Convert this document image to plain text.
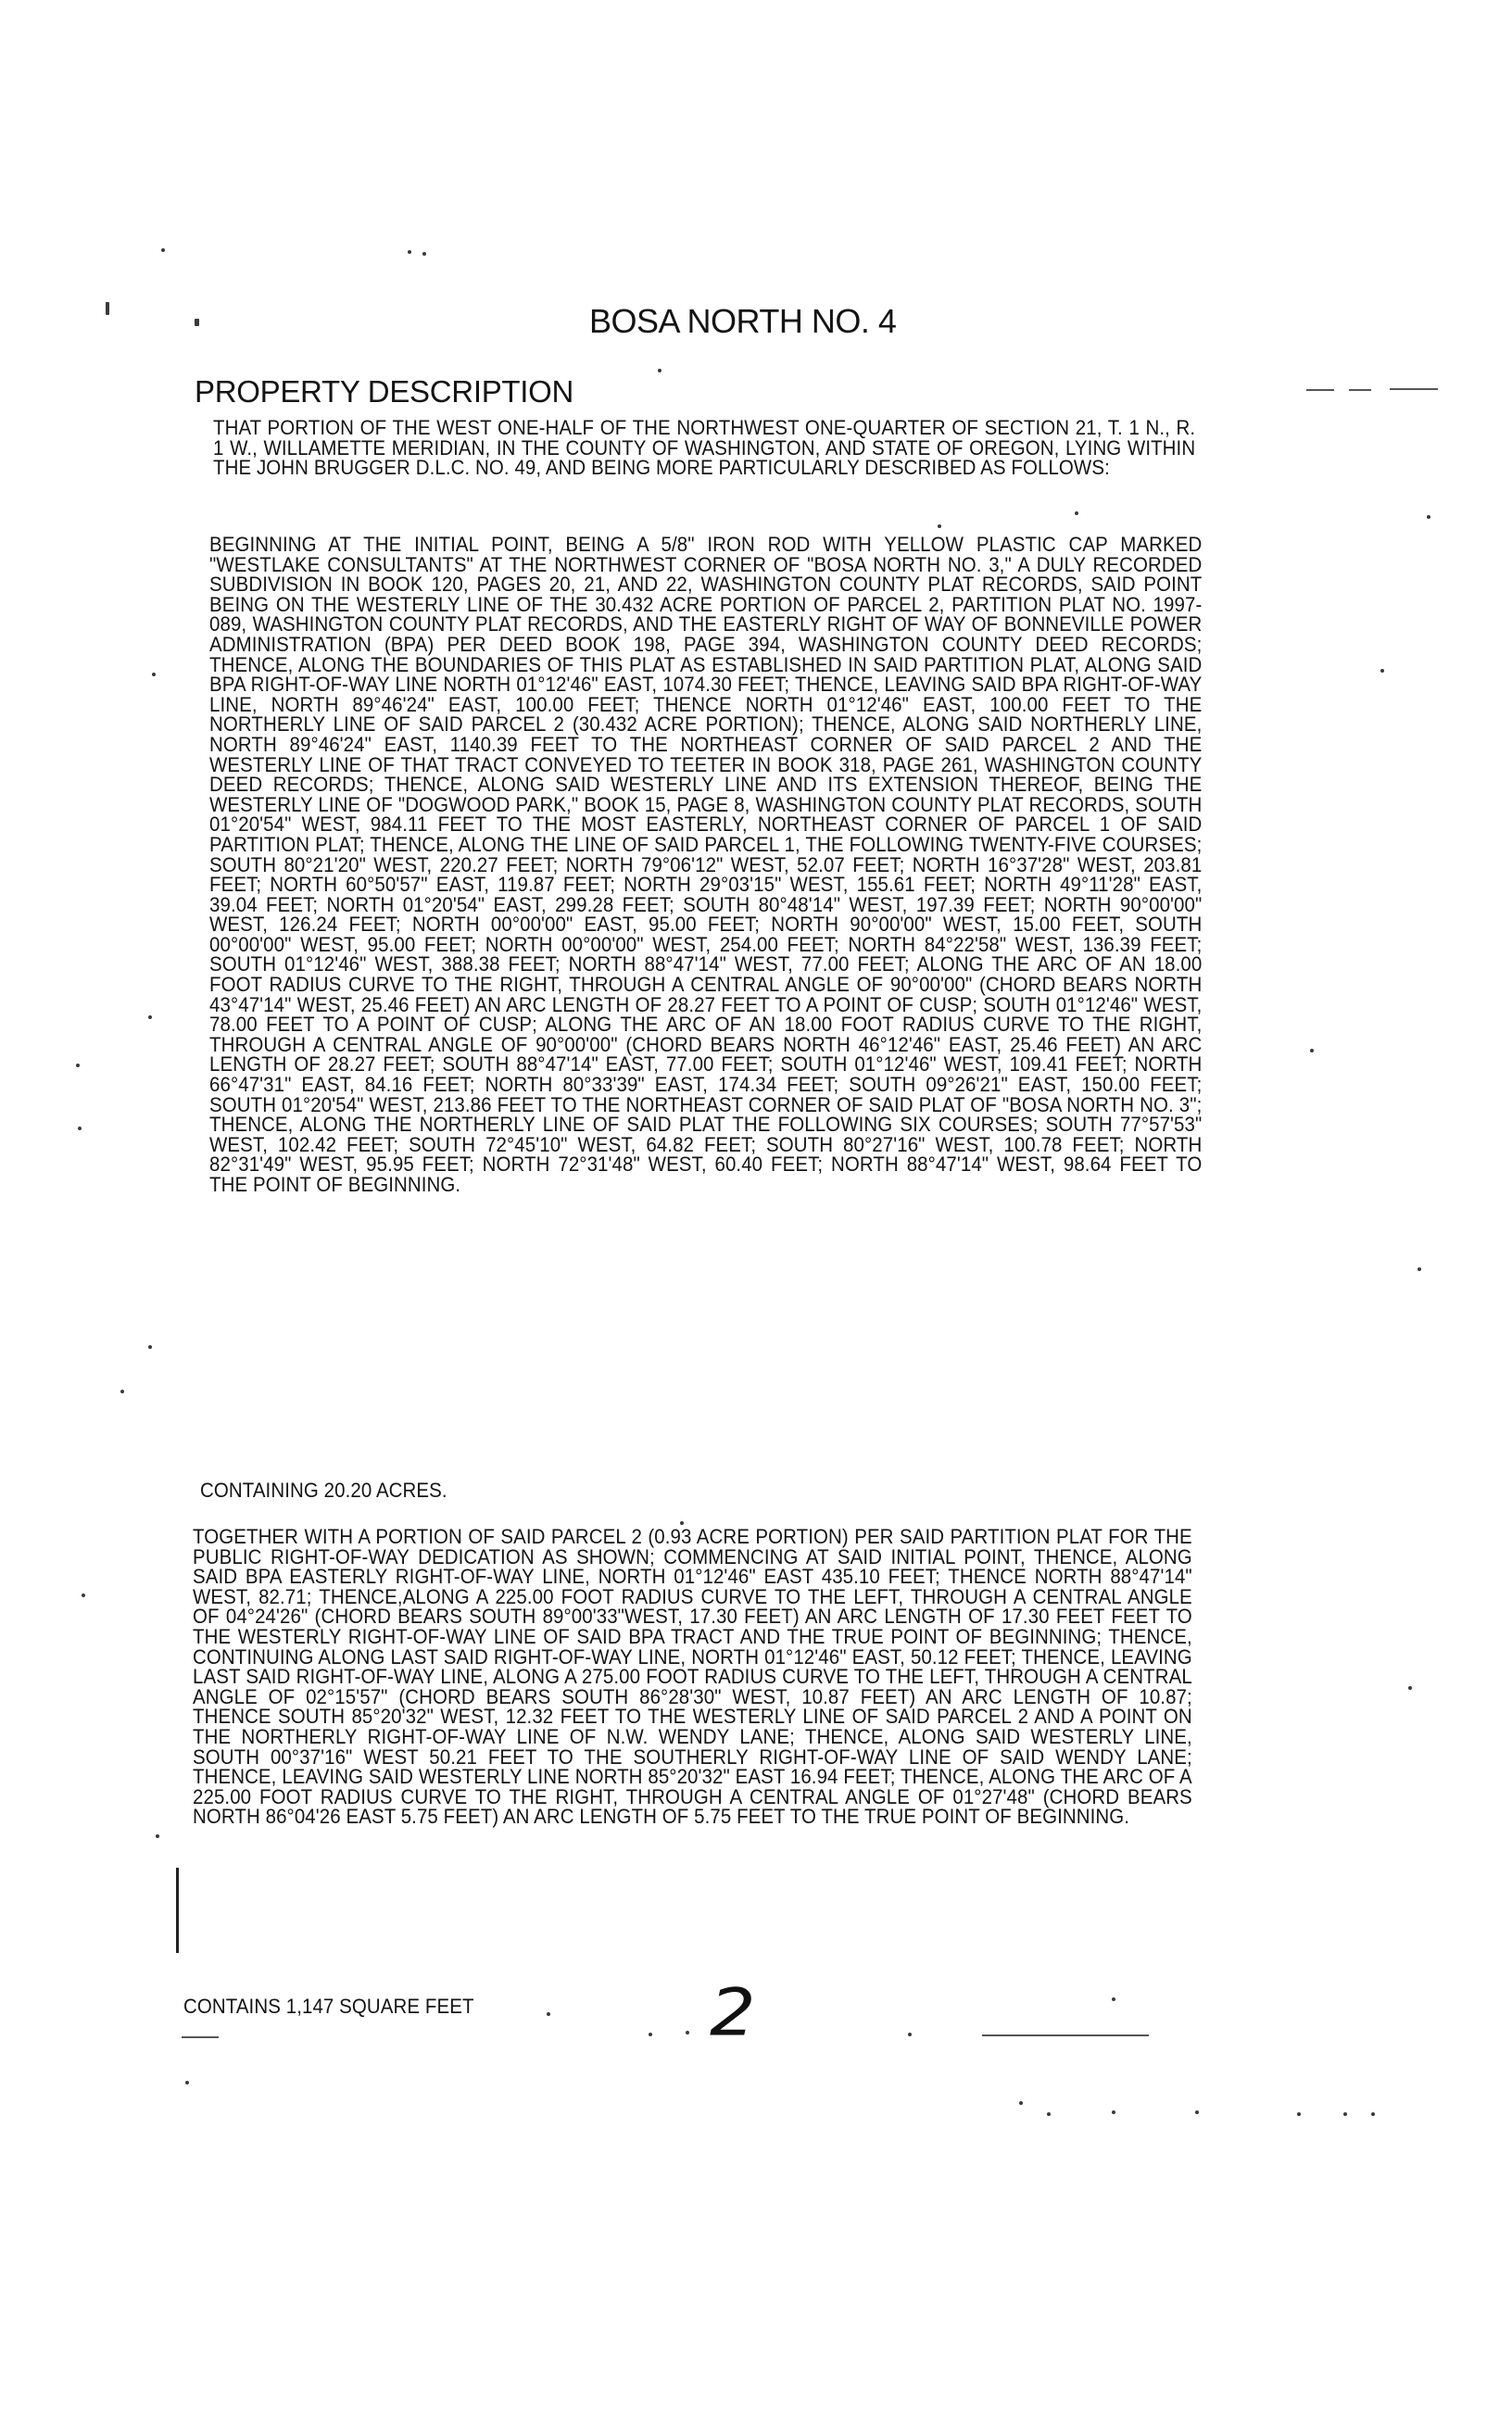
BOSA NORTH NO. 4
PROPERTY DESCRIPTION

THAT PORTION OF THE WEST ONE-HALF OF THE NORTHWEST ONE-QUARTER OF SECTION 21, T. 1 N., R. 1 W., WILLAMETTE MERIDIAN, IN THE COUNTY OF WASHINGTON, AND STATE OF OREGON, LYING WITHIN THE JOHN BRUGGER D.L.C. NO. 49, AND BEING MORE PARTICULARLY DESCRIBED AS FOLLOWS:

BEGINNING AT THE INITIAL POINT, BEING A 5/8" IRON ROD WITH YELLOW PLASTIC CAP MARKED "WESTLAKE CONSULTANTS" AT THE NORTHWEST CORNER OF "BOSA NORTH NO. 3," A DULY RECORDED SUBDIVISION IN BOOK 120, PAGES 20, 21, AND 22, WASHINGTON COUNTY PLAT RECORDS, SAID POINT BEING ON THE WESTERLY LINE OF THE 30.432 ACRE PORTION OF PARCEL 2, PARTITION PLAT NO. 1997-089, WASHINGTON COUNTY PLAT RECORDS, AND THE EASTERLY RIGHT OF WAY OF BONNEVILLE POWER ADMINISTRATION (BPA) PER DEED BOOK 198, PAGE 394, WASHINGTON COUNTY DEED RECORDS; THENCE, ALONG THE BOUNDARIES OF THIS PLAT AS ESTABLISHED IN SAID PARTITION PLAT, ALONG SAID BPA RIGHT-OF-WAY LINE NORTH 01°12'46" EAST, 1074.30 FEET; THENCE, LEAVING SAID BPA RIGHT-OF-WAY LINE, NORTH 89°46'24" EAST, 100.00 FEET; THENCE NORTH 01°12'46" EAST, 100.00 FEET TO THE NORTHERLY LINE OF SAID PARCEL 2 (30.432 ACRE PORTION); THENCE, ALONG SAID NORTHERLY LINE, NORTH 89°46'24" EAST, 1140.39 FEET TO THE NORTHEAST CORNER OF SAID PARCEL 2 AND THE WESTERLY LINE OF THAT TRACT CONVEYED TO TEETER IN BOOK 318, PAGE 261, WASHINGTON COUNTY DEED RECORDS; THENCE, ALONG SAID WESTERLY LINE AND ITS EXTENSION THEREOF, BEING THE WESTERLY LINE OF "DOGWOOD PARK," BOOK 15, PAGE 8, WASHINGTON COUNTY PLAT RECORDS, SOUTH 01°20'54" WEST, 984.11 FEET TO THE MOST EASTERLY, NORTHEAST CORNER OF PARCEL 1 OF SAID PARTITION PLAT; THENCE, ALONG THE LINE OF SAID PARCEL 1, THE FOLLOWING TWENTY-FIVE COURSES; SOUTH 80°21'20" WEST, 220.27 FEET; NORTH 79°06'12" WEST, 52.07 FEET; NORTH 16°37'28" WEST, 203.81 FEET; NORTH 60°50'57" EAST, 119.87 FEET; NORTH 29°03'15" WEST, 155.61 FEET; NORTH 49°11'28" EAST, 39.04 FEET; NORTH 01°20'54" EAST, 299.28 FEET; SOUTH 80°48'14" WEST, 197.39 FEET; NORTH 90°00'00" WEST, 126.24 FEET; NORTH 00°00'00" EAST, 95.00 FEET; NORTH 90°00'00" WEST, 15.00 FEET, SOUTH 00°00'00" WEST, 95.00 FEET; NORTH 00°00'00" WEST, 254.00 FEET; NORTH 84°22'58" WEST, 136.39 FEET; SOUTH 01°12'46" WEST, 388.38 FEET; NORTH 88°47'14" WEST, 77.00 FEET; ALONG THE ARC OF AN 18.00 FOOT RADIUS CURVE TO THE RIGHT, THROUGH A CENTRAL ANGLE OF 90°00'00" (CHORD BEARS NORTH 43°47'14" WEST, 25.46 FEET) AN ARC LENGTH OF 28.27 FEET TO A POINT OF CUSP; SOUTH 01°12'46" WEST, 78.00 FEET TO A POINT OF CUSP; ALONG THE ARC OF AN 18.00 FOOT RADIUS CURVE TO THE RIGHT, THROUGH A CENTRAL ANGLE OF 90°00'00" (CHORD BEARS NORTH 46°12'46" EAST, 25.46 FEET) AN ARC LENGTH OF 28.27 FEET; SOUTH 88°47'14" EAST, 77.00 FEET; SOUTH 01°12'46" WEST, 109.41 FEET; NORTH 66°47'31" EAST, 84.16 FEET; NORTH 80°33'39" EAST, 174.34 FEET; SOUTH 09°26'21" EAST, 150.00 FEET; SOUTH 01°20'54" WEST, 213.86 FEET TO THE NORTHEAST CORNER OF SAID PLAT OF "BOSA NORTH NO. 3"; THENCE, ALONG THE NORTHERLY LINE OF SAID PLAT THE FOLLOWING SIX COURSES; SOUTH 77°57'53" WEST, 102.42 FEET; SOUTH 72°45'10" WEST, 64.82 FEET; SOUTH 80°27'16" WEST, 100.78 FEET; NORTH 82°31'49" WEST, 95.95 FEET; NORTH 72°31'48" WEST, 60.40 FEET; NORTH 88°47'14" WEST, 98.64 FEET TO THE POINT OF BEGINNING.

CONTAINING 20.20 ACRES.

TOGETHER WITH A PORTION OF SAID PARCEL 2 (0.93 ACRE PORTION) PER SAID PARTITION PLAT FOR THE PUBLIC RIGHT-OF-WAY DEDICATION AS SHOWN; COMMENCING AT SAID INITIAL POINT, THENCE, ALONG SAID BPA EASTERLY RIGHT-OF-WAY LINE, NORTH 01°12'46" EAST 435.10 FEET; THENCE NORTH 88°47'14" WEST, 82.71; THENCE,ALONG A 225.00 FOOT RADIUS CURVE TO THE LEFT, THROUGH A CENTRAL ANGLE OF 04°24'26" (CHORD BEARS SOUTH 89°00'33"WEST, 17.30 FEET) AN ARC LENGTH OF 17.30 FEET FEET TO THE WESTERLY RIGHT-OF-WAY LINE OF SAID BPA TRACT AND THE TRUE POINT OF BEGINNING; THENCE, CONTINUING ALONG LAST SAID RIGHT-OF-WAY LINE, NORTH 01°12'46" EAST, 50.12 FEET; THENCE, LEAVING LAST SAID RIGHT-OF-WAY LINE, ALONG A 275.00 FOOT RADIUS CURVE TO THE LEFT, THROUGH A CENTRAL ANGLE OF 02°15'57" (CHORD BEARS SOUTH 86°28'30" WEST, 10.87 FEET) AN ARC LENGTH OF 10.87; THENCE SOUTH 85°20'32" WEST, 12.32 FEET TO THE WESTERLY LINE OF SAID PARCEL 2 AND A POINT ON THE NORTHERLY RIGHT-OF-WAY LINE OF N.W. WENDY LANE; THENCE, ALONG SAID WESTERLY LINE, SOUTH 00°37'16" WEST 50.21 FEET TO THE SOUTHERLY RIGHT-OF-WAY LINE OF SAID WENDY LANE; THENCE, LEAVING SAID WESTERLY LINE NORTH 85°20'32" EAST 16.94 FEET; THENCE, ALONG THE ARC OF A 225.00 FOOT RADIUS CURVE TO THE RIGHT, THROUGH A CENTRAL ANGLE OF 01°27'48" (CHORD BEARS NORTH 86°04'26 EAST 5.75 FEET) AN ARC LENGTH OF 5.75 FEET TO THE TRUE POINT OF BEGINNING.

CONTAINS 1,147 SQUARE FEET	2
